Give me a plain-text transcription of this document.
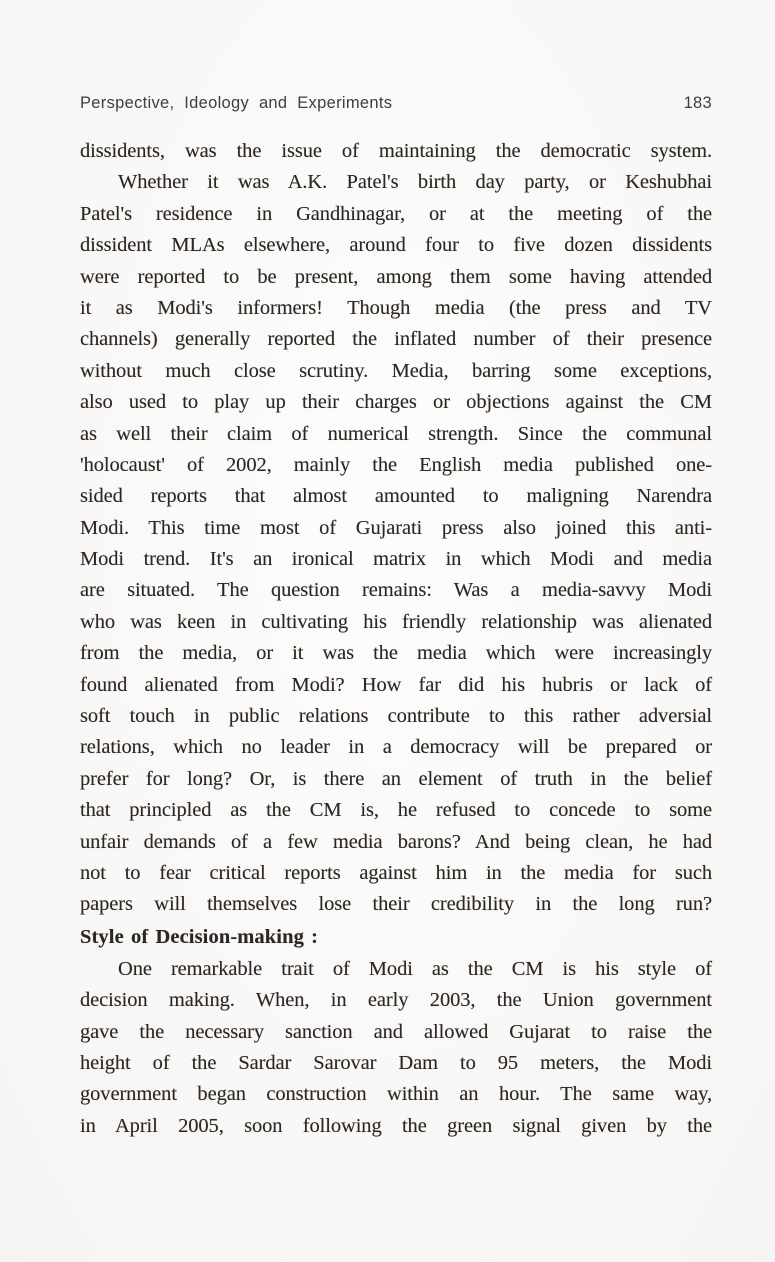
Perspective, Ideology and Experiments	183
dissidents, was the issue of maintaining the democratic system.
Whether it was A.K. Patel's birth day party, or Keshubhai
Patel's residence in Gandhinagar, or at the meeting of the
dissident MLAs elsewhere, around four to five dozen dissidents
were reported to be present, among them some having attended
it as Modi's informers! Though media (the press and TV
channels) generally reported the inflated number of their presence
without much close scrutiny. Media, barring some exceptions,
also used to play up their charges or objections against the CM
as well their claim of numerical strength. Since the communal
'holocaust' of 2002, mainly the English media published one-
sided reports that almost amounted to maligning Narendra
Modi. This time most of Gujarati press also joined this anti-
Modi trend. It's an ironical matrix in which Modi and media
are situated. The question remains: Was a media-savvy Modi
who was keen in cultivating his friendly relationship was alienated
from the media, or it was the media which were increasingly
found alienated from Modi? How far did his hubris or lack of
soft touch in public relations contribute to this rather adversial
relations, which no leader in a democracy will be prepared or
prefer for long? Or, is there an element of truth in the belief
that principled as the CM is, he refused to concede to some
unfair demands of a few media barons? And being clean, he had
not to fear critical reports against him in the media for such
papers will themselves lose their credibility in the long run?
Style of Decision-making :
One remarkable trait of Modi as the CM is his style of
decision making. When, in early 2003, the Union government
gave the necessary sanction and allowed Gujarat to raise the
height of the Sardar Sarovar Dam to 95 meters, the Modi
government began construction within an hour. The same way,
in April 2005, soon following the green signal given by the
